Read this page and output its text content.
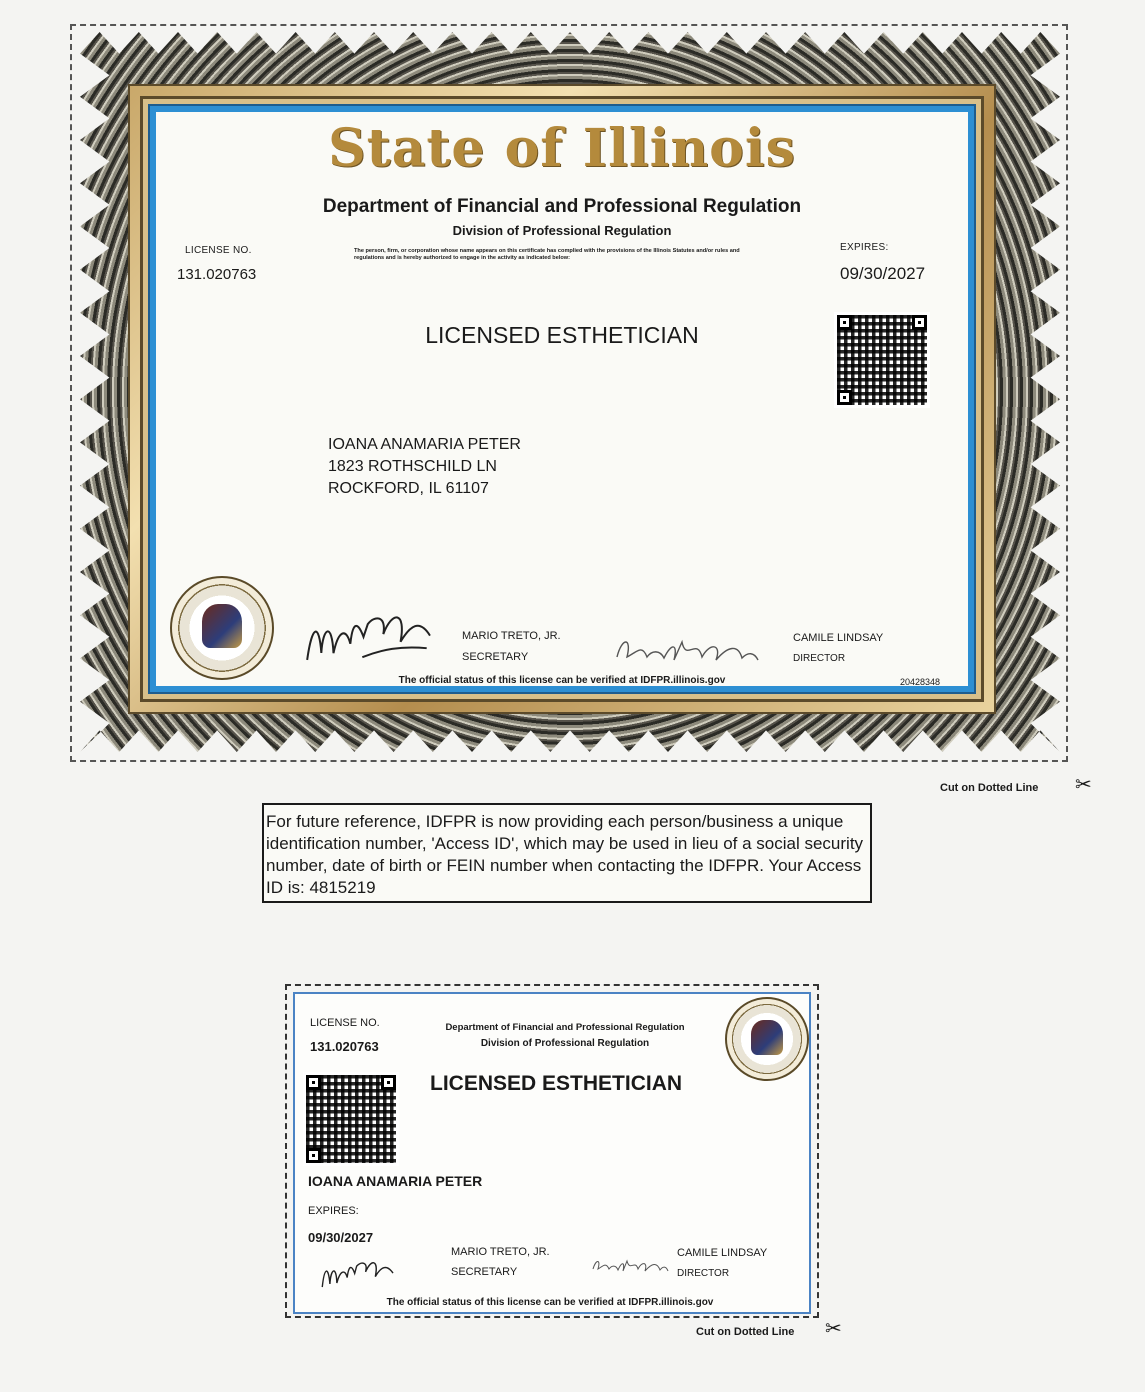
State of Illinois
Department of Financial and Professional Regulation
Division of Professional Regulation
The person, firm, or corporation whose name appears on this certificate has complied with the provisions of the Illinois Statutes and/or rules and regulations and is hereby authorized to engage in the activity as indicated below:
LICENSE NO.
131.020763
EXPIRES:
09/30/2027
LICENSED ESTHETICIAN
IOANA ANAMARIA PETER
1823 ROTHSCHILD LN
ROCKFORD, IL 61107
MARIO TRETO, JR.
SECRETARY
CAMILE LINDSAY
DIRECTOR
The official status of this license can be verified at IDFPR.illinois.gov	20428348
Cut on Dotted Line ✂
For future reference, IDFPR is now providing each person/business a unique identification number, 'Access ID', which may be used in lieu of a social security number, date of birth or FEIN number when contacting the IDFPR. Your Access ID is: 4815219
LICENSE NO.
131.020763
Department of Financial and Professional Regulation
Division of Professional Regulation
LICENSED ESTHETICIAN
IOANA ANAMARIA PETER
EXPIRES:
09/30/2027
MARIO TRETO, JR.
SECRETARY
CAMILE LINDSAY
DIRECTOR
The official status of this license can be verified at IDFPR.illinois.gov
Cut on Dotted Line ✂
